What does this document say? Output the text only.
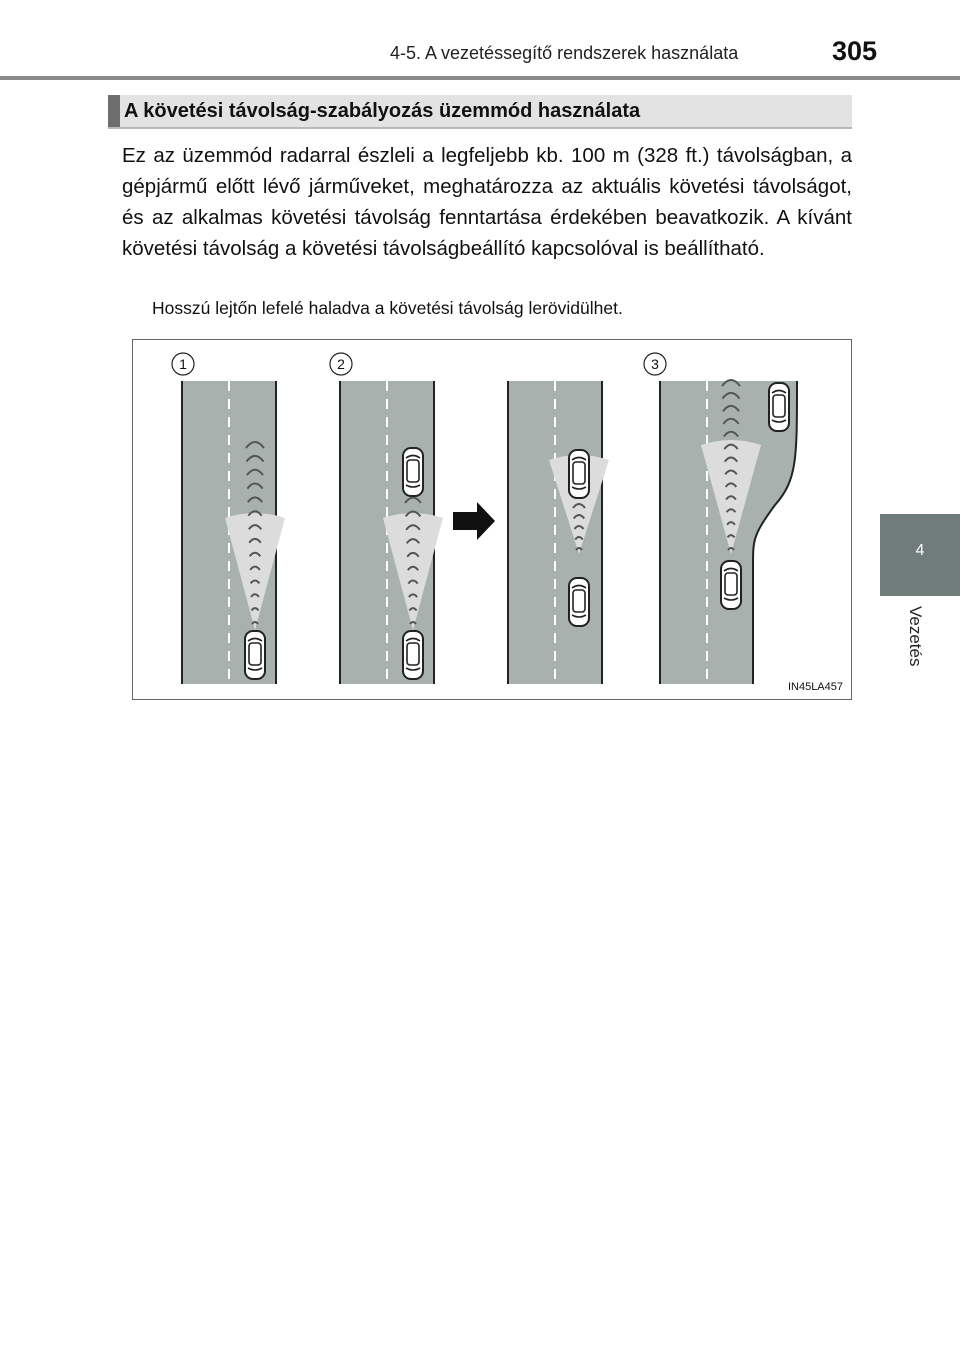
4-5. A vezetéssegítő rendszerek használata	305
4
Vezetés
A követési távolság-szabályozás üzemmód használata

Ez az üzemmód radarral észleli a legfeljebb kb. 100 m (328 ft.) távolságban, a gépjármű előtt lévő járműveket, meghatározza az aktuális követési távolságot, és az alkalmas követési távolság fenntartása érdekében beavatkozik. A kívánt követési távolság a követési távolságbeállító kapcsolóval is beállítható.

Hosszú lejtőn lefelé haladva a követési távolság lerövidülhet.

1	2	3
IN45LA457
